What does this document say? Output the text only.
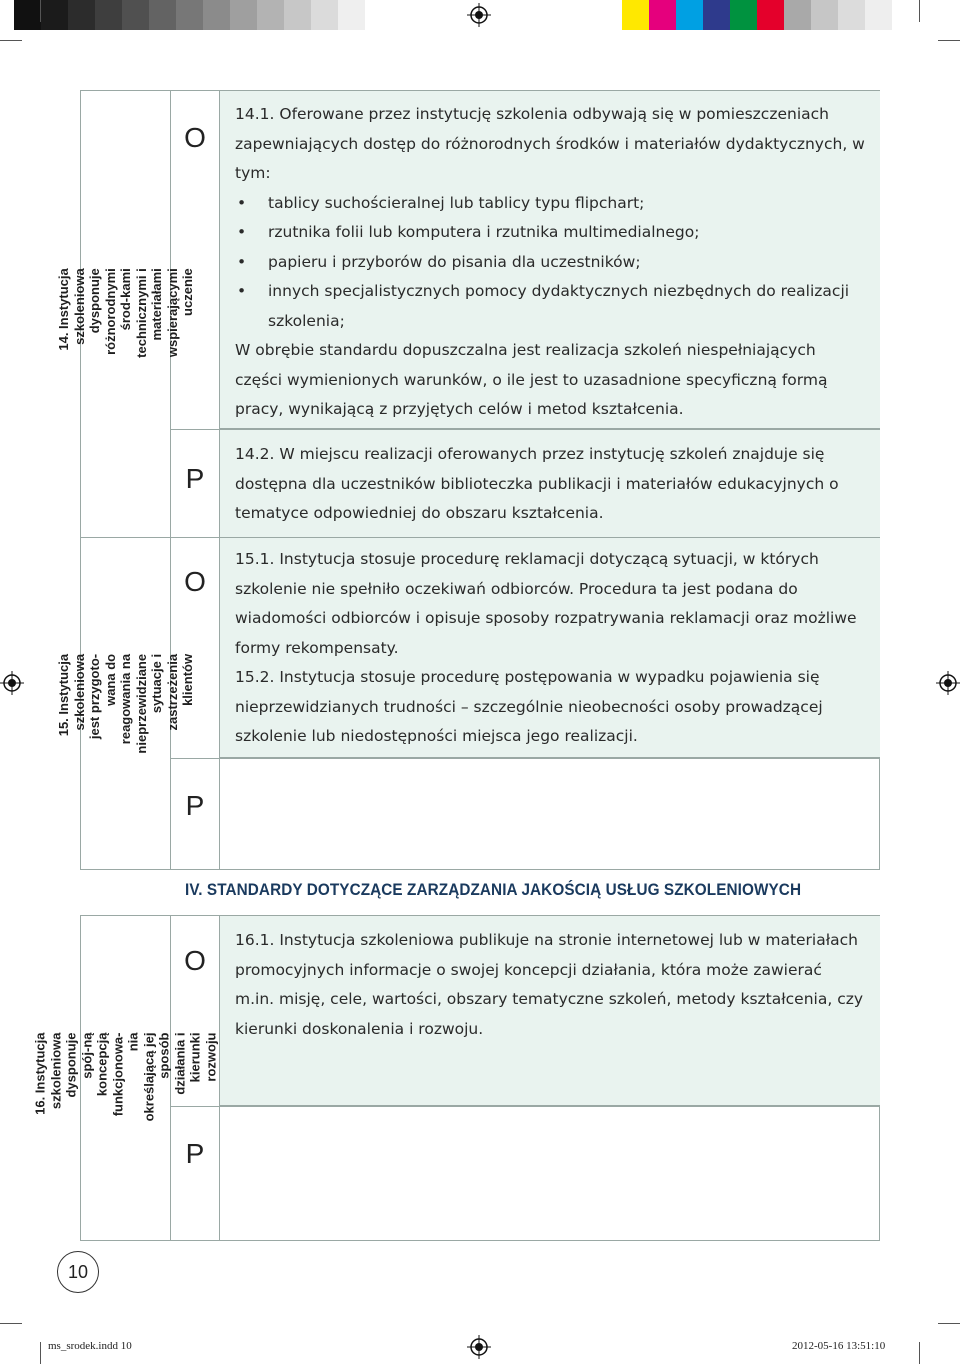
14. Instytucja szkoleniowa dysponuje różnorodnymi środ-kami technicznymi i materiałami wspierającymi uczenie
O

14.1. Oferowane przez instytucję szkolenia odbywają się w pomieszczeniach zapewniających dostęp do różnorodnych środków i materiałów dydaktycznych, w tym:

• tablicy suchościeralnej lub tablicy typu flipchart;
• rzutnika folii lub komputera i rzutnika multimedialnego;
• papieru i przyborów do pisania dla uczestników;
• innych specjalistycznych pomocy dydaktycznych niezbędnych do realizacji szkolenia;

W obrębie standardu dopuszczalna jest realizacja szkoleń niespełniających części wymienionych warunków, o ile jest to uzasadnione specyficzną formą pracy, wynikającą z przyjętych celów i metod kształcenia.

P
14.2. W miejscu realizacji oferowanych przez instytucję szkoleń znajduje się dostępna dla uczestników biblioteczka publikacji i materiałów edukacyjnych o tematyce odpowiedniej do obszaru kształcenia.
15. Instytucja szkoleniowa jest przygoto-wana do reagowania na nieprzewidziane sytuacje i zastrzeżenia klientów
O

15.1. Instytucja stosuje procedurę reklamacji dotyczącą sytuacji, w których szkolenie nie spełniło oczekiwań odbiorców. Procedura ta jest podana do wiadomości odbiorców i opisuje sposoby rozpatrywania reklamacji oraz możliwe formy rekompensaty.

15.2. Instytucja stosuje procedurę postępowania w wypadku pojawienia się nieprzewidzianych trudności – szczególnie nieobecności osoby prowadzącej szkolenie lub niedostępności miejsca jego realizacji.

P
IV. STANDARDY DOTYCZĄCE ZARZĄDZANIA JAKOŚCIĄ USŁUG SZKOLENIOWYCH
16. Instytucja szkoleniowa dysponuje spój-ną koncepcją funkcjonowa-nia określającą jej sposób działania i kierunki rozwoju
O
16.1. Instytucja szkoleniowa publikuje na stronie internetowej lub w materiałach promocyjnych informacje o swojej koncepcji działania, która może zawierać m.in. misję, cele, wartości, obszary tematyczne szkoleń, metody kształcenia, czy kierunki doskonalenia i rozwoju.
P
10
ms_srodek.indd 10	2012-05-16 13:51:10
